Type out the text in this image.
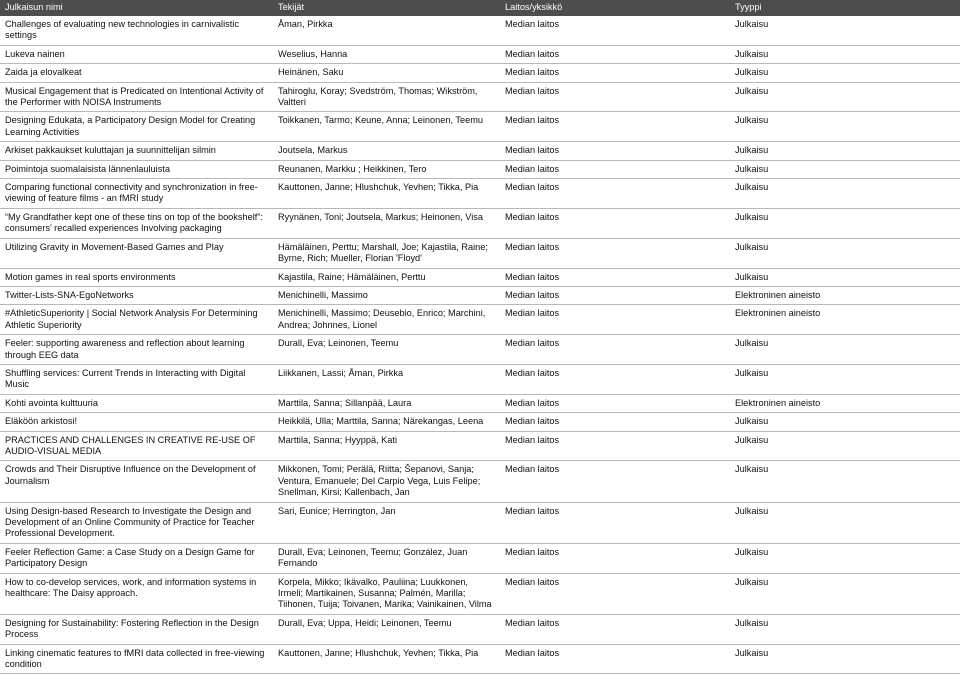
Julkaisun nimi	Tekijät	Laitos/yksikkö	Tyyppi
Challenges of evaluating new technologies in carnivalistic settings	Åman, Pirkka	Median laitos	Julkaisu
Lukeva nainen	Weselius, Hanna	Median laitos	Julkaisu
Zaida ja elovalkeat	Heinänen, Saku	Median laitos	Julkaisu
Musical Engagement that is Predicated on Intentional Activity of the Performer with NOISA Instruments	Tahiroglu, Koray; Svedström, Thomas; Wikström, Valtteri	Median laitos	Julkaisu
Designing Edukata, a Participatory Design Model for Creating Learning Activities	Toikkanen, Tarmo; Keune, Anna; Leinonen, Teemu	Median laitos	Julkaisu
Arkiset pakkaukset kuluttajan ja suunnittelijan silmin	Joutsela, Markus	Median laitos	Julkaisu
Poimintoja suomalaisista lännenlauluista	Reunanen, Markku ; Heikkinen, Tero	Median laitos	Julkaisu
Comparing functional connectivity and synchronization in free-viewing of feature films - an fMRI study	Kauttonen, Janne; Hlushchuk, Yevhen; Tikka, Pia	Median laitos	Julkaisu
“My Grandfather kept one of these tins on top of the bookshelf”: consumers’ recalled experiences Involving packaging	Ryynänen, Toni; Joutsela, Markus; Heinonen, Visa	Median laitos	Julkaisu
Utilizing Gravity in Movement-Based Games and Play	Hämäläinen, Perttu; Marshall, Joe; Kajastila, Raine; Byrne, Rich; Mueller, Florian 'Floyd'	Median laitos	Julkaisu
Motion games in real sports environments	Kajastila, Raine; Hämäläinen, Perttu	Median laitos	Julkaisu
Twitter-Lists-SNA-EgoNetworks	Menichinelli, Massimo	Median laitos	Elektroninen aineisto
#AthleticSuperiority | Social Network Analysis For Determining Athletic Superiority	Menichinelli, Massimo; Deusebio, Enrico; Marchini, Andrea; Johnnes, Lionel	Median laitos	Elektroninen aineisto
Feeler: supporting awareness and reflection about learning through EEG data	Durall, Eva; Leinonen, Teemu	Median laitos	Julkaisu
Shuffling services: Current Trends in Interacting with Digital Music	Liikkanen, Lassi; Åman, Pirkka	Median laitos	Julkaisu
Kohti avointa kulttuuria	Marttila, Sanna; Sillanpää, Laura	Median laitos	Elektroninen aineisto
Eläköön arkistosi!	Heikkilä, Ulla; Marttila, Sanna; Närekangas, Leena	Median laitos	Julkaisu
PRACTICES AND CHALLENGES IN CREATIVE RE-USE OF AUDIO-VISUAL MEDIA	Marttila, Sanna; Hyyppä, Kati	Median laitos	Julkaisu
Crowds and Their Disruptive Influence on the Development of Journalism	Mikkonen, Tomi; Perälä, Riitta; Šepanovi, Sanja; Ventura, Emanuele; Del Carpio Vega, Luis Felipe; Snellman, Kirsi; Kallenbach, Jan	Median laitos	Julkaisu
Using Design-based Research to Investigate the Design and Development of an Online Community of Practice for Teacher Professional Development.	Sari, Eunice; Herrington, Jan	Median laitos	Julkaisu
Feeler Reflection Game: a Case Study on a Design Game for Participatory Design	Durall, Eva; Leinonen, Teemu; González, Juan Fernando	Median laitos	Julkaisu
How to co-develop services, work, and information systems in healthcare: The Daisy approach.	Korpela, Mikko; Ikävalko, Pauliina; Luukkonen, Irmeli; Martikainen, Susanna; Palmén, Marilla; Tiihonen, Tuija; Toivanen, Marika; Vainikainen, Vilma	Median laitos	Julkaisu
Designing for Sustainability: Fostering Reflection in the Design Process	Durall, Eva; Uppa, Heidi; Leinonen, Teemu	Median laitos	Julkaisu
Linking cinematic features to fMRI data collected in free-viewing condition	Kauttonen, Janne; Hlushchuk, Yevhen; Tikka, Pia	Median laitos	Julkaisu
